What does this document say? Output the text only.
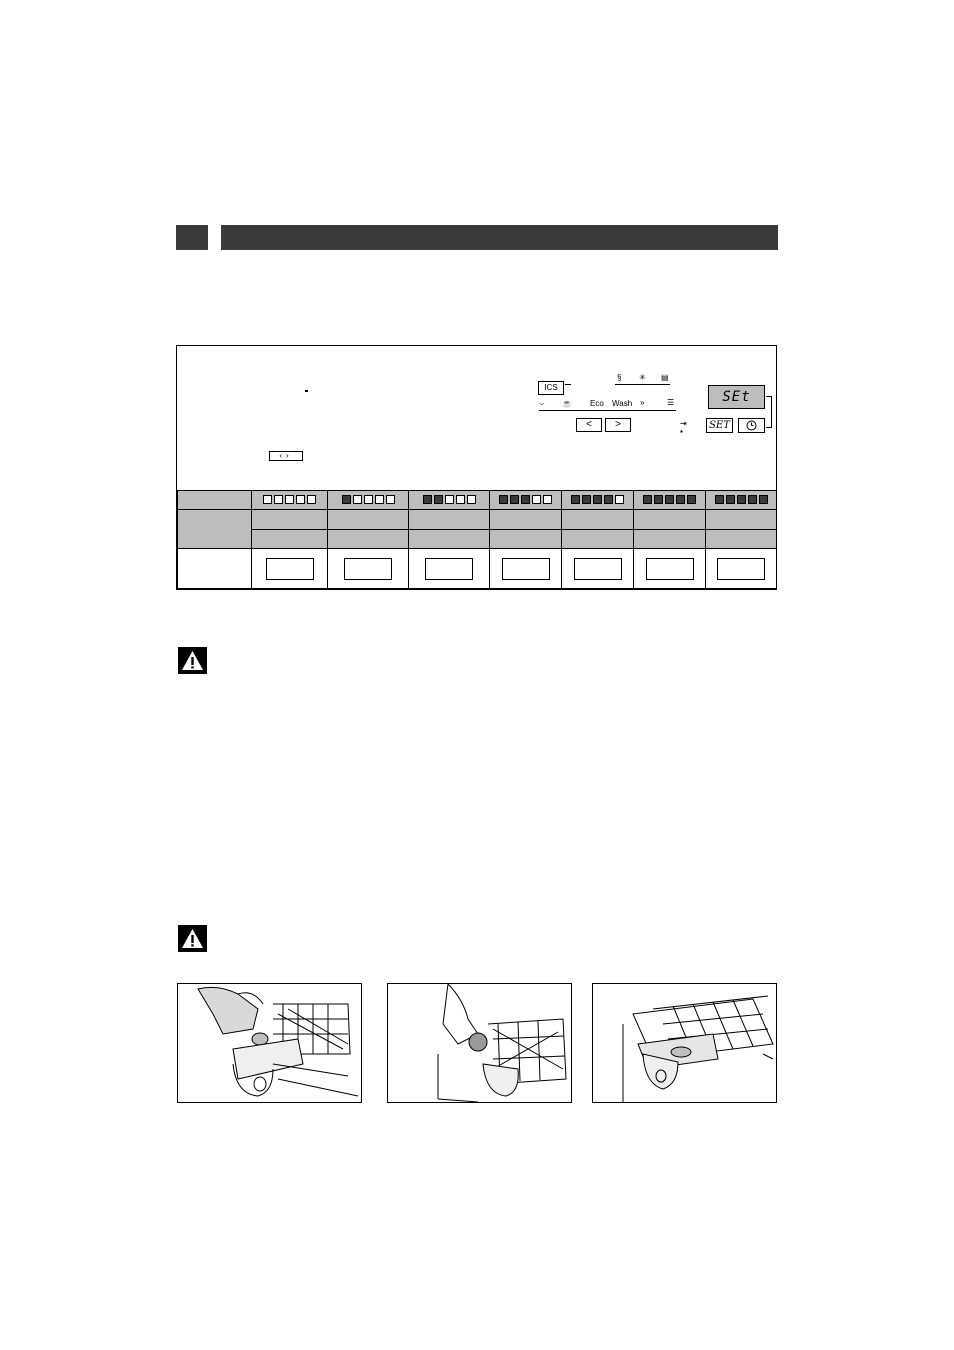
‹›
ICS
§ ✳ ▤
⌣ ☕ Eco Wash »	☰
<	>	⇥
▪
SEt
SET
